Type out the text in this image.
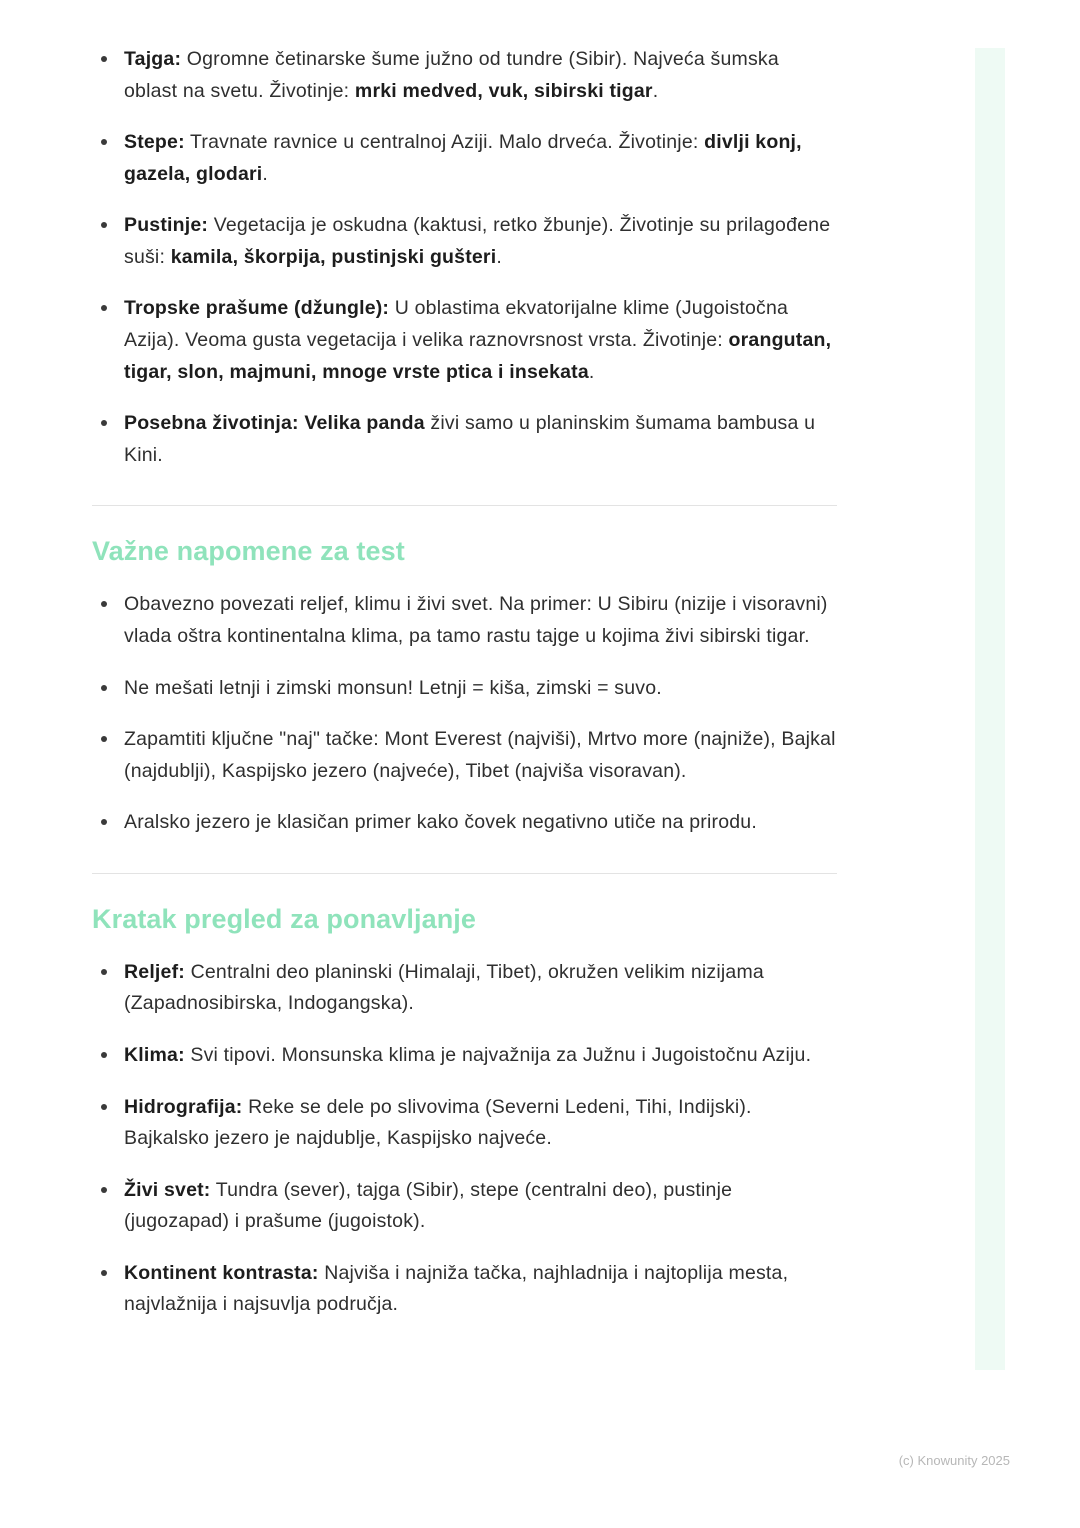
Tajga: Ogromne četinarske šume južno od tundre (Sibir). Najveća šumska oblast na svetu. Životinje: mrki medved, vuk, sibirski tigar.
Stepe: Travnate ravnice u centralnoj Aziji. Malo drveća. Životinje: divlji konj, gazela, glodari.
Pustinje: Vegetacija je oskudna (kaktusi, retko žbunje). Životinje su prilagođene suši: kamila, škorpija, pustinjski gušteri.
Tropske prašume (džungle): U oblastima ekvatorijalne klime (Jugoistočna Azija). Veoma gusta vegetacija i velika raznovrsnost vrsta. Životinje: orangutan, tigar, slon, majmuni, mnoge vrste ptica i insekata.
Posebna životinja: Velika panda živi samo u planinskim šumama bambusa u Kini.
Važne napomene za test
Obavezno povezati reljef, klimu i živi svet. Na primer: U Sibiru (nizije i visoravni) vlada oštra kontinentalna klima, pa tamo rastu tajge u kojima živi sibirski tigar.
Ne mešati letnji i zimski monsun! Letnji = kiša, zimski = suvo.
Zapamtiti ključne "naj" tačke: Mont Everest (najviši), Mrtvo more (najniže), Bajkal (najdublji), Kaspijsko jezero (najveće), Tibet (najviša visoravan).
Aralsko jezero je klasičan primer kako čovek negativno utiče na prirodu.
Kratak pregled za ponavljanje
Reljef: Centralni deo planinski (Himalaji, Tibet), okružen velikim nizijama (Zapadnosibirska, Indogangska).
Klima: Svi tipovi. Monsunska klima je najvažnija za Južnu i Jugoistočnu Aziju.
Hidrografija: Reke se dele po slivovima (Severni Ledeni, Tihi, Indijski). Bajkalsko jezero je najdublje, Kaspijsko najveće.
Živi svet: Tundra (sever), tajga (Sibir), stepe (centralni deo), pustinje (jugozapad) i prašume (jugoistok).
Kontinent kontrasta: Najviša i najniža tačka, najhladnija i najtoplija mesta, najvlažnija i najsuvlja područja.
(c) Knowunity 2025
